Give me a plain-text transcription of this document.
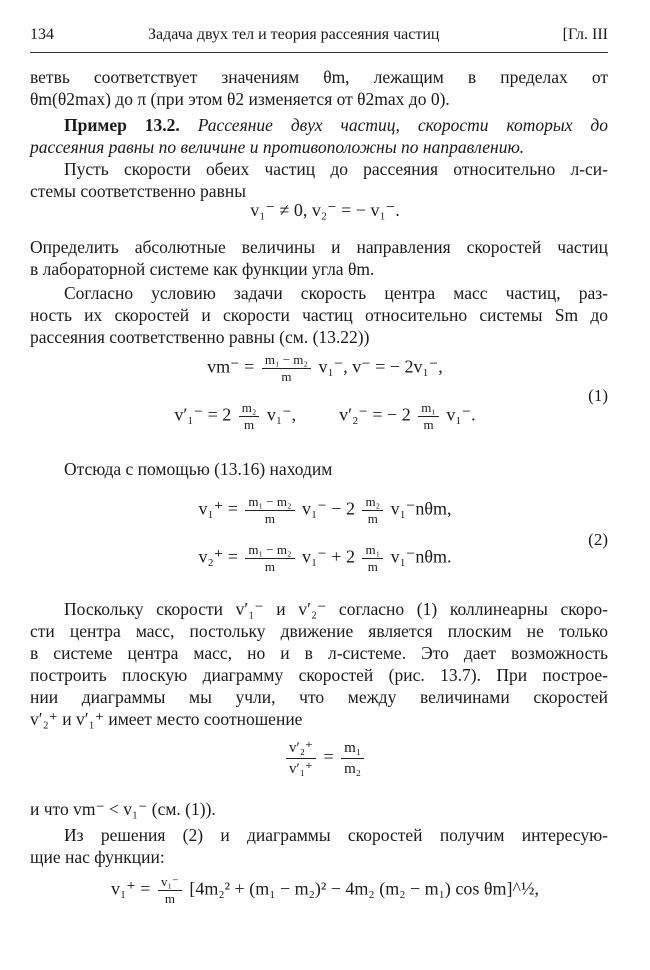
134	Задача двух тел и теория рассеяния частиц	[Гл. III
ветвь соответствует значениям θm, лежащим в пределах от
θm(θ2max) до π (при этом θ2 изменяется от θ2max до 0).
Пример 13.2. Рассеяние двух частиц, скорости которых до
рассеяния равны по величине и противоположны по направлению.
Пусть скорости обеих частиц до рассеяния относительно л-си-
стемы соответственно равны
v₁⁻ ≠ 0, v₂⁻ = − v₁⁻.
Определить абсолютные величины и направления скоростей частиц
в лабораторной системе как функции угла θm.
Согласно условию задачи скорость центра масс частиц, раз-
ность их скоростей и скорости частиц относительно системы Sm до
рассеяния соответственно равны (см. (13.22))
$vm^- = \frac{\text{m₁ − m₂}}{m} v_1^-$, v⁻ = − 2v₁⁻,
$v'_1^- = 2 \frac{\text{m₂}}{m} v_1^-$, v′₂⁻ = − $2 \frac{\text{m₁}}{m} v_1^-$.
(1)
Отсюда с помощью (13.16) находим
$v_1^+ = \frac{\text{m₁ − m₂}}{m} v_1^- - 2 \frac{\text{m₂}}{m} v_1^-n\theta m$,
$v_2^+ = \frac{\text{m₁ − m₂}}{m} v_1^- + 2 \frac{\text{m₁}}{m} v_1^-n\theta m$.
(2)
Поскольку скорости v′₁⁻ и v′₂⁻ согласно (1) коллинеарны скоро-
сти центра масс, постольку движение является плоским не только
в системе центра масс, но и в л-системе. Это дает возможность
построить плоскую диаграмму скоростей (рис. 13.7). При построе-
нии диаграммы мы учли, что между величинами скоростей
v′₂⁺ и v′₁⁺ имеет место соотношение
$\frac{\text{v′₂⁺}}{\text{v′₁⁺}} = \frac{\text{m₁}}{\text{m₂}}$
и что vm⁻ < v₁⁻ (см. (1)).
Из решения (2) и диаграммы скоростей получим интересую-
щие нас функции:
$v_1^+ = \frac{\text{v₁⁻}}{m} [4m_2^2 + (m_1 - m_2)^2 - 4m_2$ (m₂ − m₁) cos θm]^½,
